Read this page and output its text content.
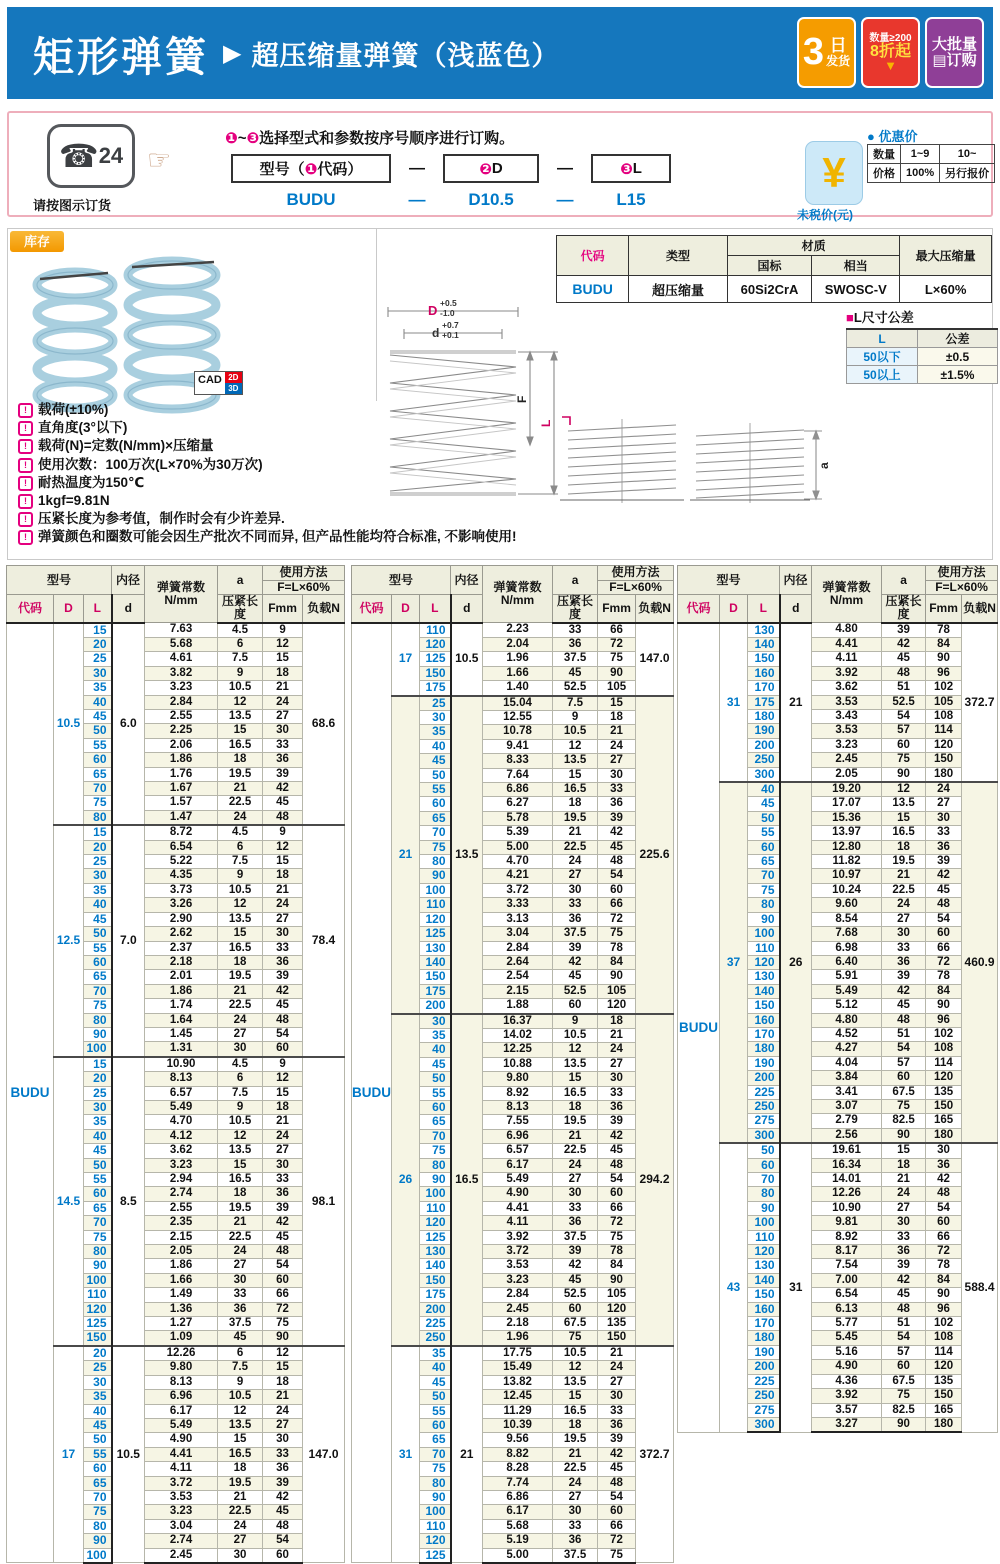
矩形弹簧 ▶ 超压缩量弹簧（浅蓝色）	3 日
发货
数量≥200
8折起
▼
大批量
▤订购
☎ 24
请按图示订货
☞
❶~❸选择型式和参数按序号顺序进行订购。
型号（ ❶ 代码）	—	❷ D	—	❸ L
BUDU	—	D10.5	—	L15
¥
● 优惠价
数量	1~9	10~
价格	100%	另行报价
未税价(元)
库存
CAD 2D
3D
代码	类型	材质		最大压缩量
		国标	相当	
BUDU	超压缩量	60Si2CrA	SWOSC-V	L×60%
D +0.5
-1.0
d
+0.7
+0.1
F
L
a
■L尺寸公差
L	公差
50以下	±0.5
50以上	±1.5%
! 载荷(±10%)
! 直角度(3°以下)
! 载荷(N)=定数(N/mm)×压缩量
! 使用次数：100万次(L×70%为30万次)
! 耐热温度为150℃
! 1kgf=9.81N
! 压紧长度为参考值，制作时会有少许差异.
! 弹簧颜色和圈数可能会因生产批次不同而异, 但产品性能均符合标准, 不影响使用!
型号			内径	弹簧常数
N/mm	a	使用方法	
						F=L×60%	
代码	D	L	d		压紧长度	Fmm	负载N
BUDU	10.5	15	6.0	7.63	4.5	9	68.6
		20		5.68	6	12	
		25		4.61	7.5	15	
		30		3.82	9	18	
		35		3.23	10.5	21	
		40		2.84	12	24	
		45		2.55	13.5	27	
		50		2.25	15	30	
		55		2.06	16.5	33	
		60		1.86	18	36	
		65		1.76	19.5	39	
		70		1.67	21	42	
		75		1.57	22.5	45	
		80		1.47	24	48	
	12.5	15	7.0	8.72	4.5	9	78.4
		20		6.54	6	12	
		25		5.22	7.5	15	
		30		4.35	9	18	
		35		3.73	10.5	21	
		40		3.26	12	24	
		45		2.90	13.5	27	
		50		2.62	15	30	
		55		2.37	16.5	33	
		60		2.18	18	36	
		65		2.01	19.5	39	
		70		1.86	21	42	
		75		1.74	22.5	45	
		80		1.64	24	48	
		90		1.45	27	54	
		100		1.31	30	60	
	14.5	15	8.5	10.90	4.5	9	98.1
		20		8.13	6	12	
		25		6.57	7.5	15	
		30		5.49	9	18	
		35		4.70	10.5	21	
		40		4.12	12	24	
		45		3.62	13.5	27	
		50		3.23	15	30	
		55		2.94	16.5	33	
		60		2.74	18	36	
		65		2.55	19.5	39	
		70		2.35	21	42	
		75		2.15	22.5	45	
		80		2.05	24	48	
		90		1.86	27	54	
		100		1.66	30	60	
		110		1.49	33	66	
		120		1.36	36	72	
		125		1.27	37.5	75	
		150		1.09	45	90	
	17	20	10.5	12.26	6	12	147.0
		25		9.80	7.5	15	
		30		8.13	9	18	
		35		6.96	10.5	21	
		40		6.17	12	24	
		45		5.49	13.5	27	
		50		4.90	15	30	
		55		4.41	16.5	33	
		60		4.11	18	36	
		65		3.72	19.5	39	
		70		3.53	21	42	
		75		3.23	22.5	45	
		80		3.04	24	48	
		90		2.74	27	54	
		100		2.45	30	60	
型号			内径	弹簧常数
N/mm	a	使用方法	
						F=L×60%	
代码	D	L	d		压紧长度	Fmm	负载N
BUDU	17	110	10.5	2.23	33	66	147.0
		120		2.04	36	72	
		125		1.96	37.5	75	
		150		1.66	45	90	
		175		1.40	52.5	105	
	21	25	13.5	15.04	7.5	15	225.6
		30		12.55	9	18	
		35		10.78	10.5	21	
		40		9.41	12	24	
		45		8.33	13.5	27	
		50		7.64	15	30	
		55		6.86	16.5	33	
		60		6.27	18	36	
		65		5.78	19.5	39	
		70		5.39	21	42	
		75		5.00	22.5	45	
		80		4.70	24	48	
		90		4.21	27	54	
		100		3.72	30	60	
		110		3.33	33	66	
		120		3.13	36	72	
		125		3.04	37.5	75	
		130		2.84	39	78	
		140		2.64	42	84	
		150		2.54	45	90	
		175		2.15	52.5	105	
		200		1.88	60	120	
	26	30	16.5	16.37	9	18	294.2
		35		14.02	10.5	21	
		40		12.25	12	24	
		45		10.88	13.5	27	
		50		9.80	15	30	
		55		8.92	16.5	33	
		60		8.13	18	36	
		65		7.55	19.5	39	
		70		6.96	21	42	
		75		6.57	22.5	45	
		80		6.17	24	48	
		90		5.49	27	54	
		100		4.90	30	60	
		110		4.41	33	66	
		120		4.11	36	72	
		125		3.92	37.5	75	
		130		3.72	39	78	
		140		3.53	42	84	
		150		3.23	45	90	
		175		2.84	52.5	105	
		200		2.45	60	120	
		225		2.18	67.5	135	
		250		1.96	75	150	
	31	35	21	17.75	10.5	21	372.7
		40		15.49	12	24	
		45		13.82	13.5	27	
		50		12.45	15	30	
		55		11.29	16.5	33	
		60		10.39	18	36	
		65		9.56	19.5	39	
		70		8.82	21	42	
		75		8.28	22.5	45	
		80		7.74	24	48	
		90		6.86	27	54	
		100		6.17	30	60	
		110		5.68	33	66	
		120		5.19	36	72	
		125		5.00	37.5	75	
型号			内径	弹簧常数
N/mm	a	使用方法	
						F=L×60%	
代码	D	L	d		压紧长度	Fmm	负载N
BUDU	31	130	21	4.80	39	78	372.7
		140		4.41	42	84	
		150		4.11	45	90	
		160		3.92	48	96	
		170		3.62	51	102	
		175		3.53	52.5	105	
		180		3.43	54	108	
		190		3.53	57	114	
		200		3.23	60	120	
		250		2.45	75	150	
		300		2.05	90	180	
	37	40	26	19.20	12	24	460.9
		45		17.07	13.5	27	
		50		15.36	15	30	
		55		13.97	16.5	33	
		60		12.80	18	36	
		65		11.82	19.5	39	
		70		10.97	21	42	
		75		10.24	22.5	45	
		80		9.60	24	48	
		90		8.54	27	54	
		100		7.68	30	60	
		110		6.98	33	66	
		120		6.40	36	72	
		130		5.91	39	78	
		140		5.49	42	84	
		150		5.12	45	90	
		160		4.80	48	96	
		170		4.52	51	102	
		180		4.27	54	108	
		190		4.04	57	114	
		200		3.84	60	120	
		225		3.41	67.5	135	
		250		3.07	75	150	
		275		2.79	82.5	165	
		300		2.56	90	180	
	43	50	31	19.61	15	30	588.4
		60		16.34	18	36	
		70		14.01	21	42	
		80		12.26	24	48	
		90		10.90	27	54	
		100		9.81	30	60	
		110		8.92	33	66	
		120		8.17	36	72	
		130		7.54	39	78	
		140		7.00	42	84	
		150		6.54	45	90	
		160		6.13	48	96	
		170		5.77	51	102	
		180		5.45	54	108	
		190		5.16	57	114	
		200		4.90	60	120	
		225		4.36	67.5	135	
		250		3.92	75	150	
		275		3.57	82.5	165	
		300		3.27	90	180	
